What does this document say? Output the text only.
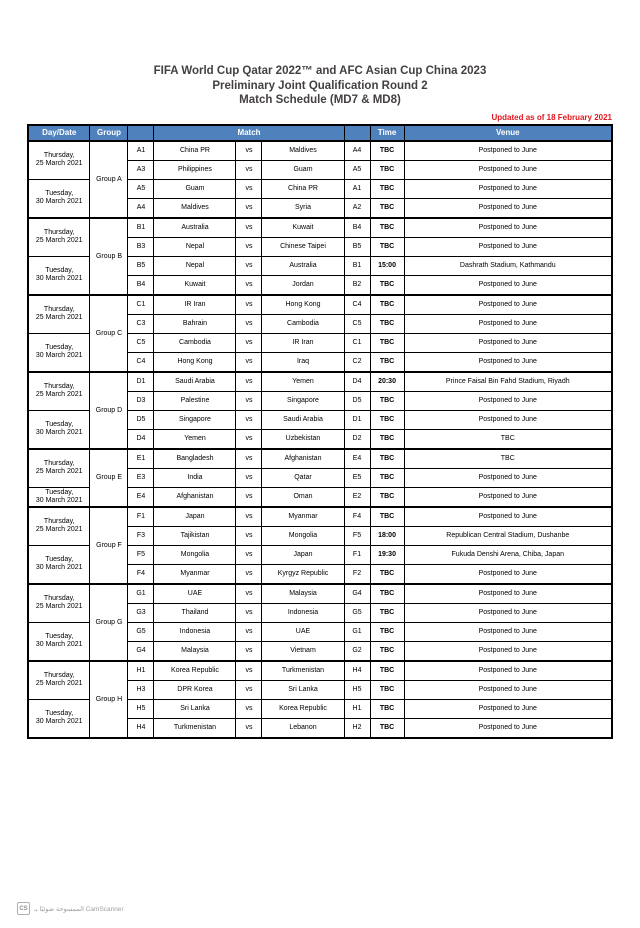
FIFA World Cup Qatar 2022™ and AFC Asian Cup China 2023
Preliminary Joint Qualification Round 2
Match Schedule (MD7 & MD8)
Updated as of 18 February 2021
Day/Date	Group		Match				Time	Venue

Thursday,
25 March 2021	Group A	A1	China PR	vs	Maldives	A4	TBC	Postponed to June
		A3	Philippines	vs	Guam	A5	TBC	Postponed to June

Tuesday,
30 March 2021		A5	Guam	vs	China PR	A1	TBC	Postponed to June
		A4	Maldives	vs	Syria	A2	TBC	Postponed to June

Thursday,
25 March 2021	Group B	B1	Australia	vs	Kuwait	B4	TBC	Postponed to June
		B3	Nepal	vs	Chinese Taipei	B5	TBC	Postponed to June

Tuesday,
30 March 2021		B5	Nepal	vs	Australia	B1	15:00	Dashrath Stadium, Kathmandu
		B4	Kuwait	vs	Jordan	B2	TBC	Postponed to June

Thursday,
25 March 2021	Group C	C1	IR Iran	vs	Hong Kong	C4	TBC	Postponed to June
		C3	Bahrain	vs	Cambodia	C5	TBC	Postponed to June

Tuesday,
30 March 2021		C5	Cambodia	vs	IR Iran	C1	TBC	Postponed to June
		C4	Hong Kong	vs	Iraq	C2	TBC	Postponed to June

Thursday,
25 March 2021	Group D	D1	Saudi Arabia	vs	Yemen	D4	20:30	Prince Faisal Bin Fahd Stadium, Riyadh
		D3	Palestine	vs	Singapore	D5	TBC	Postponed to June

Tuesday,
30 March 2021		D5	Singapore	vs	Saudi Arabia	D1	TBC	Postponed to June
		D4	Yemen	vs	Uzbekistan	D2	TBC	TBC

Thursday,
25 March 2021	Group E	E1	Bangladesh	vs	Afghanistan	E4	TBC	TBC
		E3	India	vs	Qatar	E5	TBC	Postponed to June

Tuesday,
30 March 2021		E4	Afghanistan	vs	Oman	E2	TBC	Postponed to June

Thursday,
25 March 2021	Group F	F1	Japan	vs	Myanmar	F4	TBC	Postponed to June
		F3	Tajikistan	vs	Mongolia	F5	18:00	Republican Central Stadium, Dushanbe

Tuesday,
30 March 2021		F5	Mongolia	vs	Japan	F1	19:30	Fukuda Denshi Arena, Chiba, Japan
		F4	Myanmar	vs	Kyrgyz Republic	F2	TBC	Postponed to June

Thursday,
25 March 2021	Group G	G1	UAE	vs	Malaysia	G4	TBC	Postponed to June
		G3	Thailand	vs	Indonesia	G5	TBC	Postponed to June

Tuesday,
30 March 2021		G5	Indonesia	vs	UAE	G1	TBC	Postponed to June
		G4	Malaysia	vs	Vietnam	G2	TBC	Postponed to June

Thursday,
25 March 2021	Group H	H1	Korea Republic	vs	Turkmenistan	H4	TBC	Postponed to June
		H3	DPR Korea	vs	Sri Lanka	H5	TBC	Postponed to June

Tuesday,
30 March 2021		H5	Sri Lanka	vs	Korea Republic	H1	TBC	Postponed to June
		H4	Turkmenistan	vs	Lebanon	H2	TBC	Postponed to June
CS الممسوحة ضوئيًا بـ CamScanner
